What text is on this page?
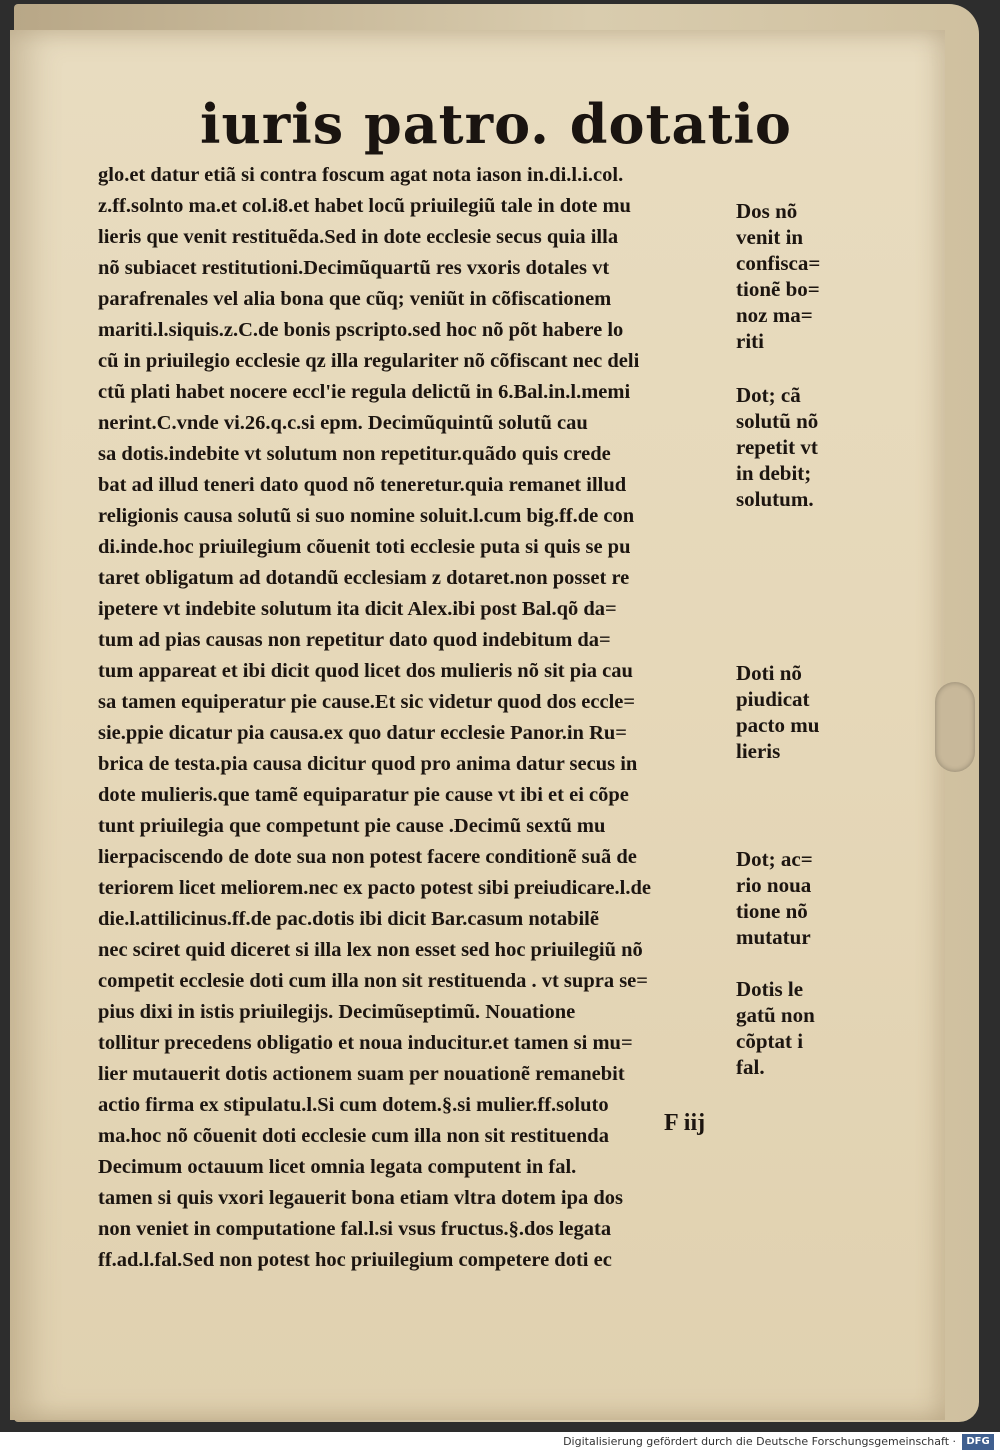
iuris patro. dotatio
glo.et datur etiã si contra foscum agat nota iason in.di.l.i.col.
z.ff.solnto ma.et col.i8.et habet locũ priuilegiũ tale in dote mu
lieris que venit restituẽda.Sed in dote ecclesie secus quia illa
nõ subiacet restitutioni.Decimũquartũ res vxoris dotales vt
parafrenales vel alia bona que cũq; veniũt in cõfiscationem
mariti.l.siquis.z.C.de bonis pscripto.sed hoc nõ põt habere lo
cũ in priuilegio ecclesie qz illa regulariter nõ cõfiscant nec deli
ctũ plati habet nocere eccl'ie regula delictũ in 6.Bal.in.l.memi
nerint.C.vnde vi.26.q.c.si epm. Decimũquintũ solutũ cau
sa dotis.indebite vt solutum non repetitur.quãdo quis crede
bat ad illud teneri dato quod nõ teneretur.quia remanet illud
religionis causa solutũ si suo nomine soluit.l.cum big.ff.de con
di.inde.hoc priuilegium cõuenit toti ecclesie puta si quis se pu
taret obligatum ad dotandũ ecclesiam z dotaret.non posset re
ipetere vt indebite solutum ita dicit Alex.ibi post Bal.qõ da=
tum ad pias causas non repetitur dato quod indebitum da=
tum appareat et ibi dicit quod licet dos mulieris nõ sit pia cau
sa tamen equiperatur pie cause.Et sic videtur quod dos eccle=
sie.ppie dicatur pia causa.ex quo datur ecclesie Panor.in Ru=
brica de testa.pia causa dicitur quod pro anima datur secus in
dote mulieris.que tamẽ equiparatur pie cause vt ibi et ei cõpe
tunt priuilegia que competunt pie cause .Decimũ sextũ mu
lierpaciscendo de dote sua non potest facere conditionẽ suã de
teriorem licet meliorem.nec ex pacto potest sibi preiudicare.l.de
die.l.attilicinus.ff.de pac.dotis ibi dicit Bar.casum notabilẽ
nec sciret quid diceret si illa lex non esset sed hoc priuilegiũ nõ
competit ecclesie doti cum illa non sit restituenda . vt supra se=
pius dixi in istis priuilegijs. Decimũseptimũ. Nouatione
tollitur precedens obligatio et noua inducitur.et tamen si mu=
lier mutauerit dotis actionem suam per nouationẽ remanebit
actio firma ex stipulatu.l.Si cum dotem.§.si mulier.ff.soluto
ma.hoc nõ cõuenit doti ecclesie cum illa non sit restituenda
Decimum octauum licet omnia legata computent in fal.
tamen si quis vxori legauerit bona etiam vltra dotem ipa dos
non veniet in computatione fal.l.si vsus fructus.§.dos legata
ff.ad.l.fal.Sed non potest hoc priuilegium competere doti ec
F iij
Dos nõ
venit in
confisca=
tionẽ bo=
noz ma=
riti
Dot; cã
solutũ nõ
repetit vt
in debit;
solutum.
Doti nõ
piudicat
pacto mu
lieris
Dot; ac=
rio noua
tione nõ
mutatur
Dotis le
gatũ non
cõptat i
fal.
Digitalisierung gefördert durch die Deutsche Forschungsgemeinschaft ·	DFG
